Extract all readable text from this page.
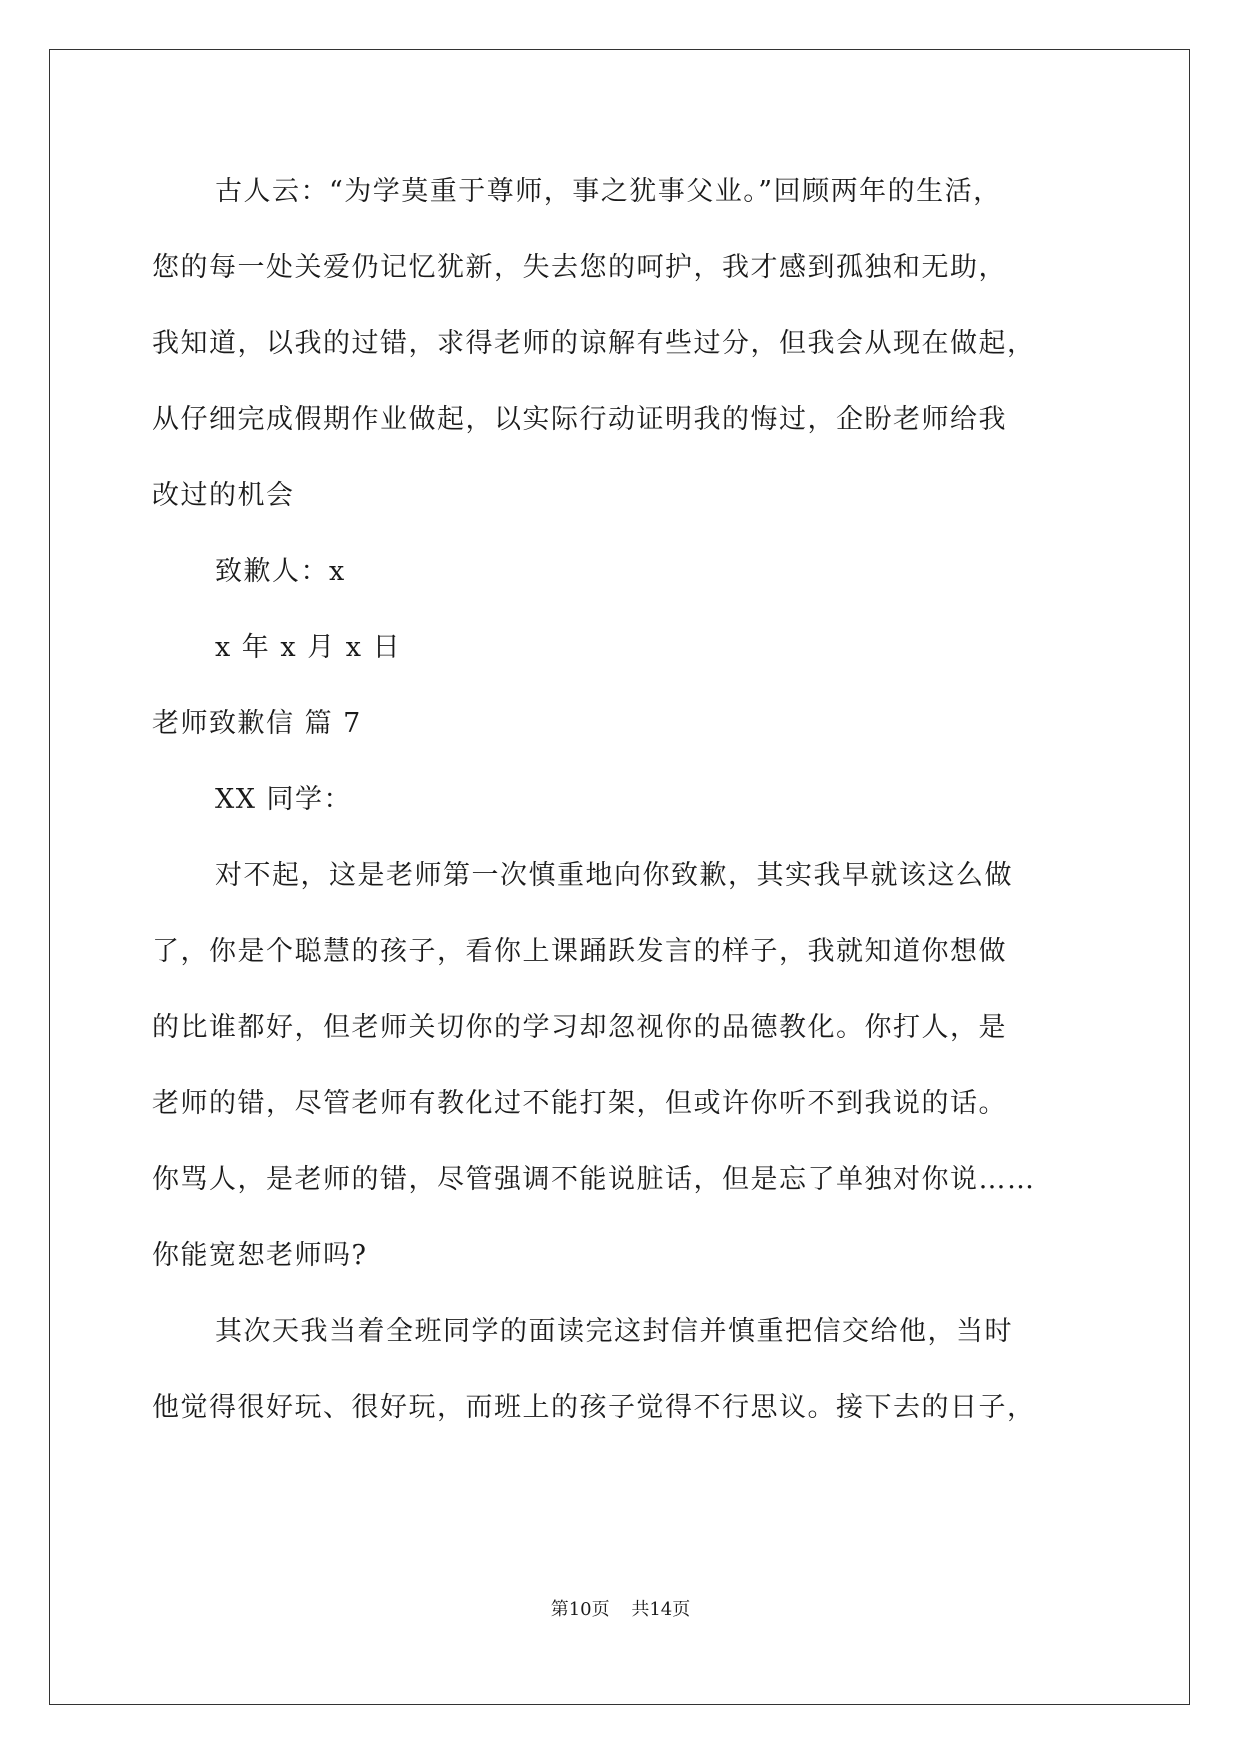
古人云：“为学莫重于尊师，事之犹事父业。”回顾两年的生活，
您的每一处关爱仍记忆犹新，失去您的呵护，我才感到孤独和无助，
我知道，以我的过错，求得老师的谅解有些过分，但我会从现在做起，
从仔细完成假期作业做起，以实际行动证明我的悔过，企盼老师给我
改过的机会
致歉人：x
x 年 x 月 x 日
老师致歉信 篇 7
XX 同学：
对不起，这是老师第一次慎重地向你致歉，其实我早就该这么做
了，你是个聪慧的孩子，看你上课踊跃发言的样子，我就知道你想做
的比谁都好，但老师关切你的学习却忽视你的品德教化。你打人，是
老师的错，尽管老师有教化过不能打架，但或许你听不到我说的话。
你骂人，是老师的错，尽管强调不能说脏话，但是忘了单独对你说……
你能宽恕老师吗?
其次天我当着全班同学的面读完这封信并慎重把信交给他，当时
他觉得很好玩、很好玩，而班上的孩子觉得不行思议。接下去的日子，
第10页 共14页
